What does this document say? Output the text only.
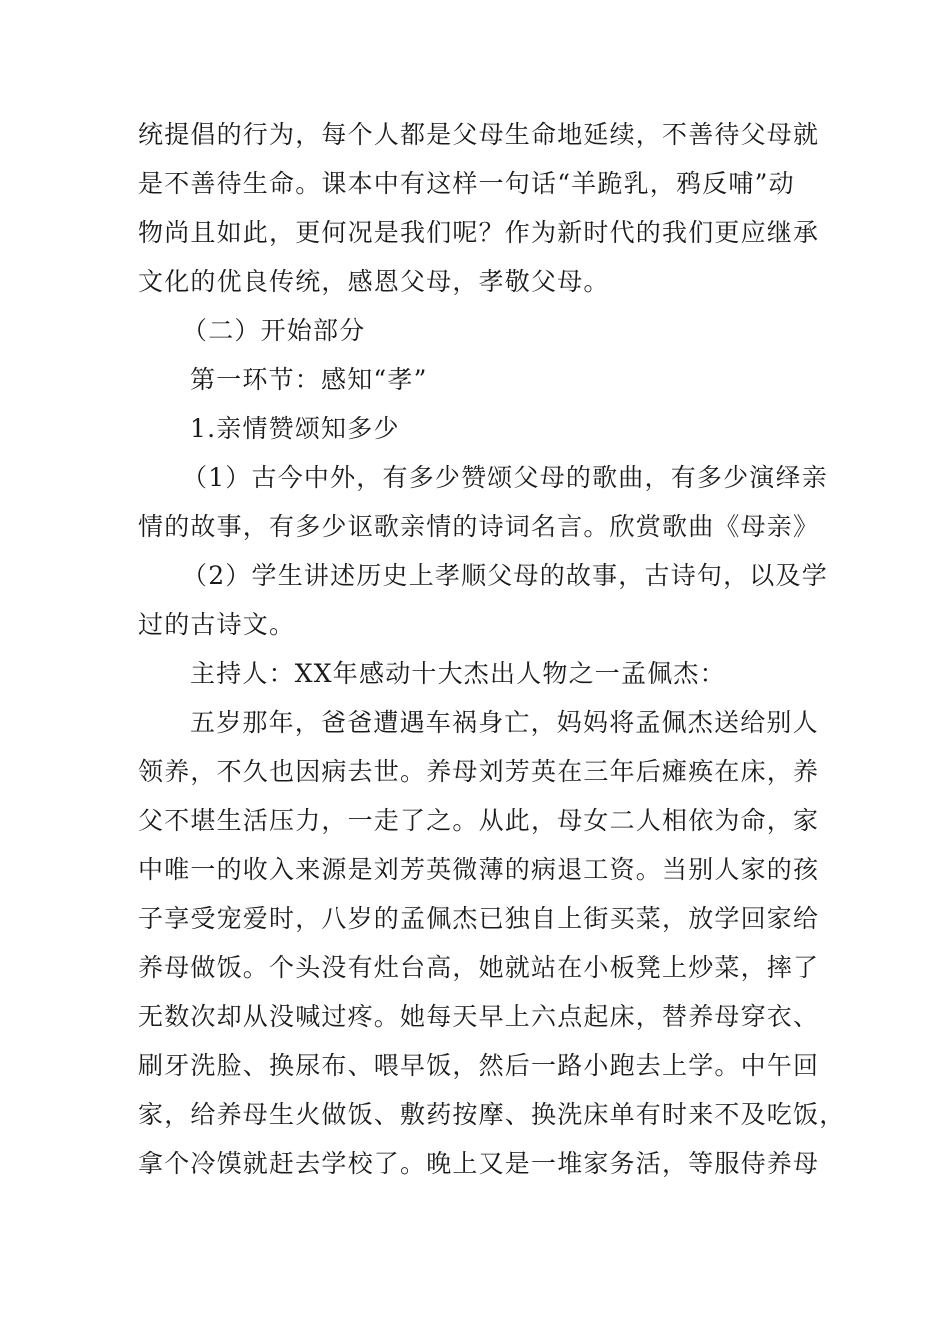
统提倡的行为，每个人都是父母生命地延续，不善待父母就
是不善待生命。课本中有这样一句话“羊跪乳，鸦反哺”动
物尚且如此，更何况是我们呢？作为新时代的我们更应继承
文化的优良传统，感恩父母，孝敬父母。
（二）开始部分
第一环节：感知“孝”
1.亲情赞颂知多少
（1）古今中外，有多少赞颂父母的歌曲，有多少演绎亲
情的故事，有多少讴歌亲情的诗词名言。欣赏歌曲《母亲》
（2）学生讲述历史上孝顺父母的故事，古诗句，以及学
过的古诗文。
主持人：XX年感动十大杰出人物之一孟佩杰：
五岁那年，爸爸遭遇车祸身亡，妈妈将孟佩杰送给别人
领养，不久也因病去世。养母刘芳英在三年后瘫痪在床，养
父不堪生活压力，一走了之。从此，母女二人相依为命，家
中唯一的收入来源是刘芳英微薄的病退工资。当别人家的孩
子享受宠爱时，八岁的孟佩杰已独自上街买菜，放学回家给
养母做饭。个头没有灶台高，她就站在小板凳上炒菜，摔了
无数次却从没喊过疼。她每天早上六点起床，替养母穿衣、
刷牙洗脸、换尿布、喂早饭，然后一路小跑去上学。中午回
家，给养母生火做饭、敷药按摩、换洗床单有时来不及吃饭，
拿个冷馍就赶去学校了。晚上又是一堆家务活，等服侍养母
